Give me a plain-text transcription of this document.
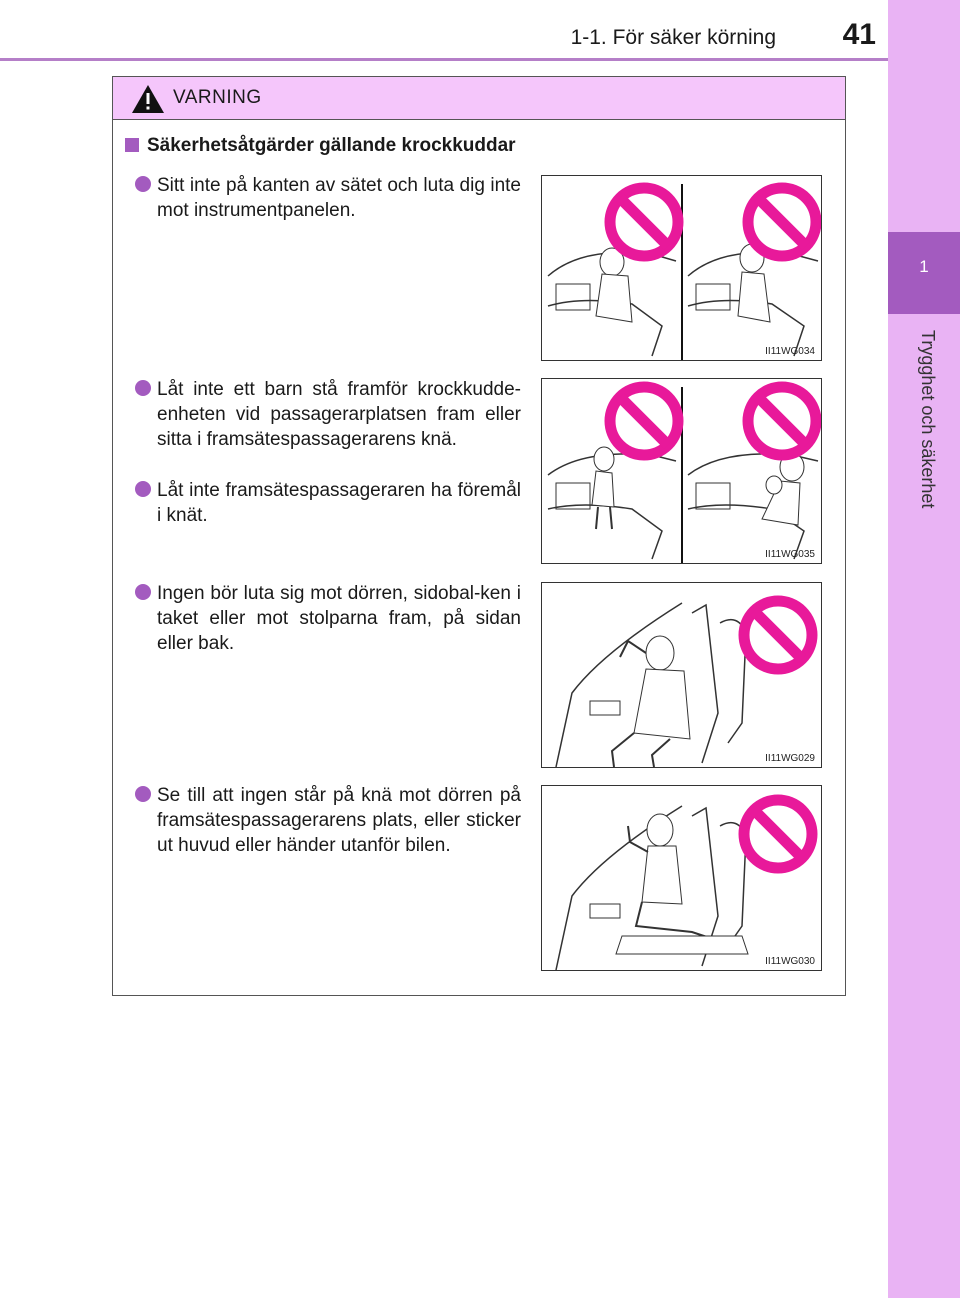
1-1. För säker körning 41
1
Trygghet och säkerhet
VARNING
Säkerhetsåtgärder gällande krockkuddar
Sitt inte på kanten av sätet och luta dig inte mot instrumentpanelen.
Låt inte ett barn stå framför krockkudde-enheten vid passagerarplatsen fram eller sitta i framsätespassagerarens knä.
Låt inte framsätespassageraren ha föremål i knät.
Ingen bör luta sig mot dörren, sidobal-ken i taket eller mot stolparna fram, på sidan eller bak.
Se till att ingen står på knä mot dörren på framsätespassagerarens plats, eller sticker ut huvud eller händer utanför bilen.
II11WG034
II11WG035
II11WG029
II11WG030
